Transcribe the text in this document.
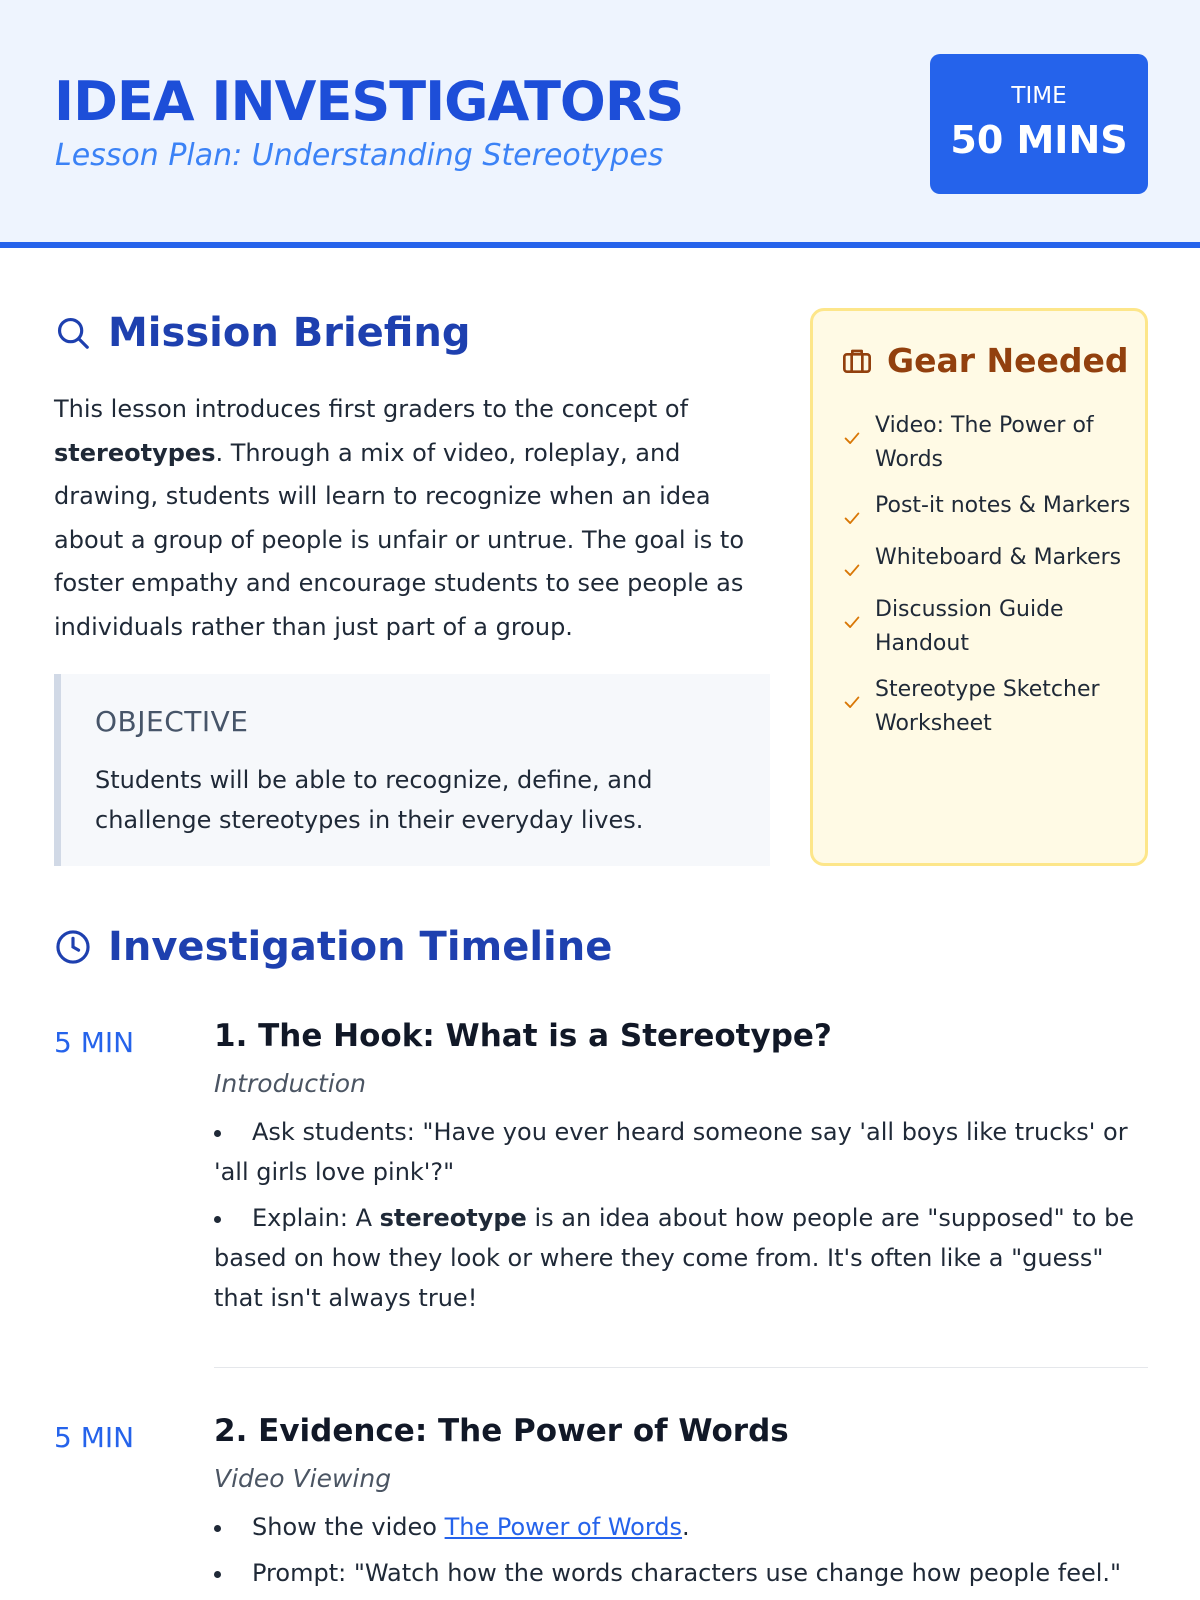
IDEA INVESTIGATORS
Lesson Plan: Understanding Stereotypes
TIME
50 MINS
Mission Briefing

This lesson introduces first graders to the concept of stereotypes. Through a mix of video, roleplay, and drawing, students will learn to recognize when an idea about a group of people is unfair or untrue. The goal is to foster empathy and encourage students to see people as individuals rather than just part of a group.

OBJECTIVE
Students will be able to recognize, define, and challenge stereotypes in their everyday lives.
Gear Needed
Video: The Power of Words
Post-it notes & Markers
Whiteboard & Markers
Discussion Guide Handout
Stereotype Sketcher Worksheet
Investigation Timeline
5 MIN	1. The Hook: What is a Stereotype?
Introduction
Ask students: "Have you ever heard someone say 'all boys like trucks' or 'all girls love pink'?"
Explain: A stereotype is an idea about how people are "supposed" to be based on how they look or where they come from. It's often like a "guess" that isn't always true!
5 MIN	2. Evidence: The Power of Words
Video Viewing
Show the video The Power of Words.
Prompt: "Watch how the words characters use change how people feel."
